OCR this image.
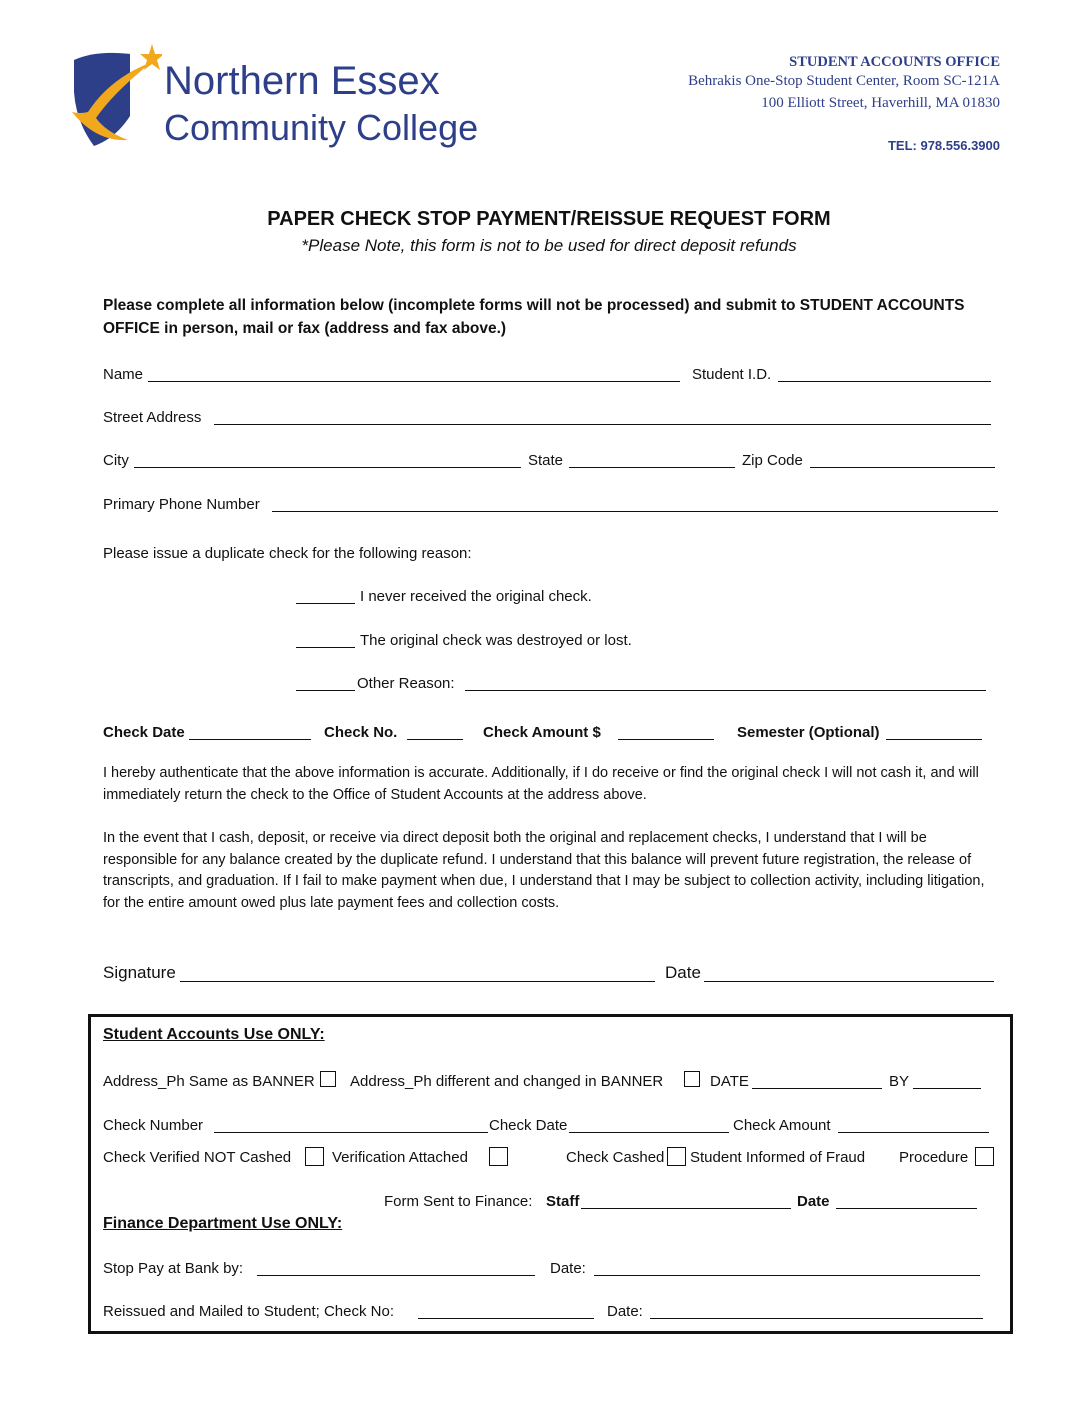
Northern Essex
Community College
STUDENT ACCOUNTS OFFICE
Behrakis One-Stop Student Center, Room SC-121A
100 Elliott Street, Haverhill, MA 01830
TEL: 978.556.3900
PAPER CHECK STOP PAYMENT/REISSUE REQUEST FORM
*Please Note, this form is not to be used for direct deposit refunds
Please complete all information below (incomplete forms will not be processed) and submit to STUDENT ACCOUNTS OFFICE in person, mail or fax (address and fax above.)
Name	Student I.D.
Street Address
City	State	Zip Code
Primary Phone Number
Please issue a duplicate check for the following reason:
I never received the original check.
The original check was destroyed or lost.
Other Reason:
Check Date	Check No.	Check Amount $	Semester (Optional)
I hereby authenticate that the above information is accurate. Additionally, if I do receive or find the original check I will not cash it, and will immediately return the check to the Office of Student Accounts at the address above.
In the event that I cash, deposit, or receive via direct deposit both the original and replacement checks, I understand that I will be responsible for any balance created by the duplicate refund. I understand that this balance will prevent future registration, the release of transcripts, and graduation. If I fail to make payment when due, I understand that I may be subject to collection activity, including litigation, for the entire amount owed plus late payment fees and collection costs.
Signature	Date
Student Accounts Use ONLY:
Address_Ph Same as BANNER Address_Ph different and changed in BANNER	DATE	BY
Check Number	Check Date	Check Amount
Check Verified NOT Cashed	Verification Attached	Check Cashed Student Informed of Fraud Procedure
Form Sent to Finance: Staff	Date
Finance Department Use ONLY:
Stop Pay at Bank by:	Date:
Reissued and Mailed to Student; Check No:	Date:
